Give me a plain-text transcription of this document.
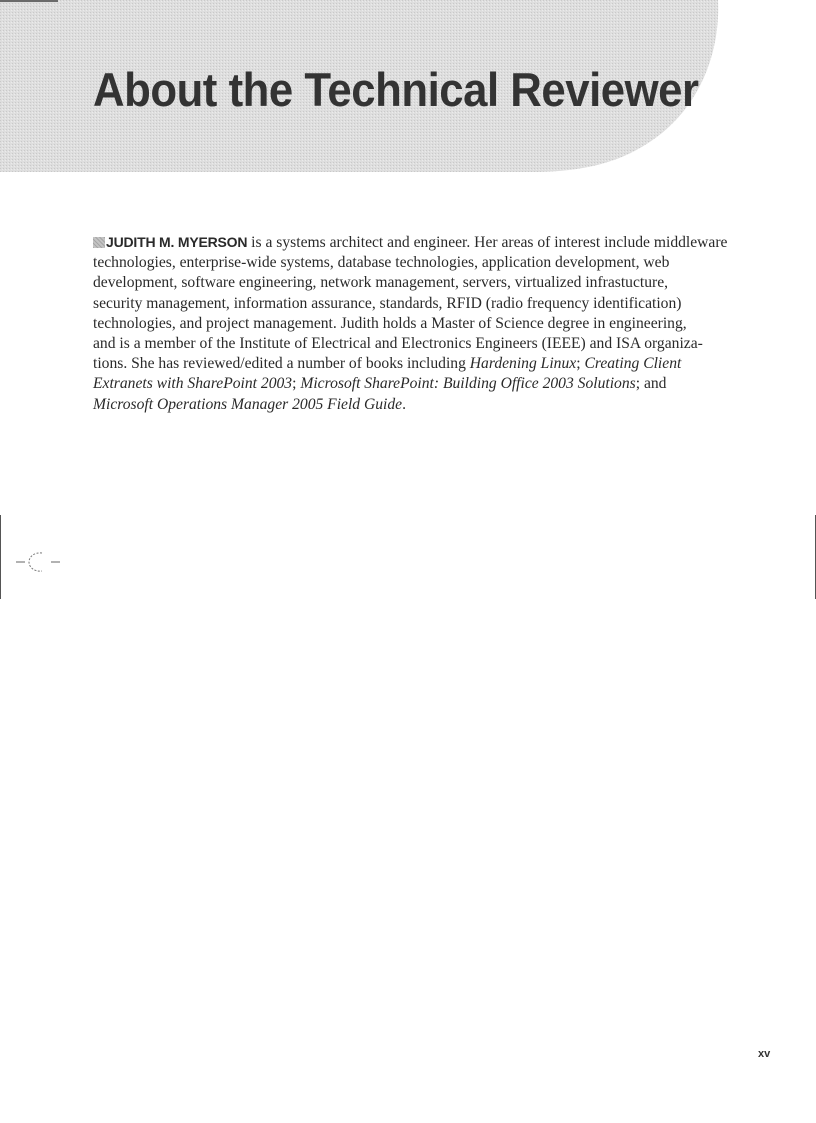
About the Technical Reviewer

JUDITH M. MYERSON is a systems architect and engineer. Her areas of interest include middleware
technologies, enterprise-wide systems, database technologies, application development, web
development, software engineering, network management, servers, virtualized infrastucture,
security management, information assurance, standards, RFID (radio frequency identification)
technologies, and project management. Judith holds a Master of Science degree in engineering,
and is a member of the Institute of Electrical and Electronics Engineers (IEEE) and ISA organiza-
tions. She has reviewed/edited a number of books including Hardening Linux; Creating Client
Extranets with SharePoint 2003; Microsoft SharePoint: Building Office 2003 Solutions; and
Microsoft Operations Manager 2005 Field Guide.

xv
